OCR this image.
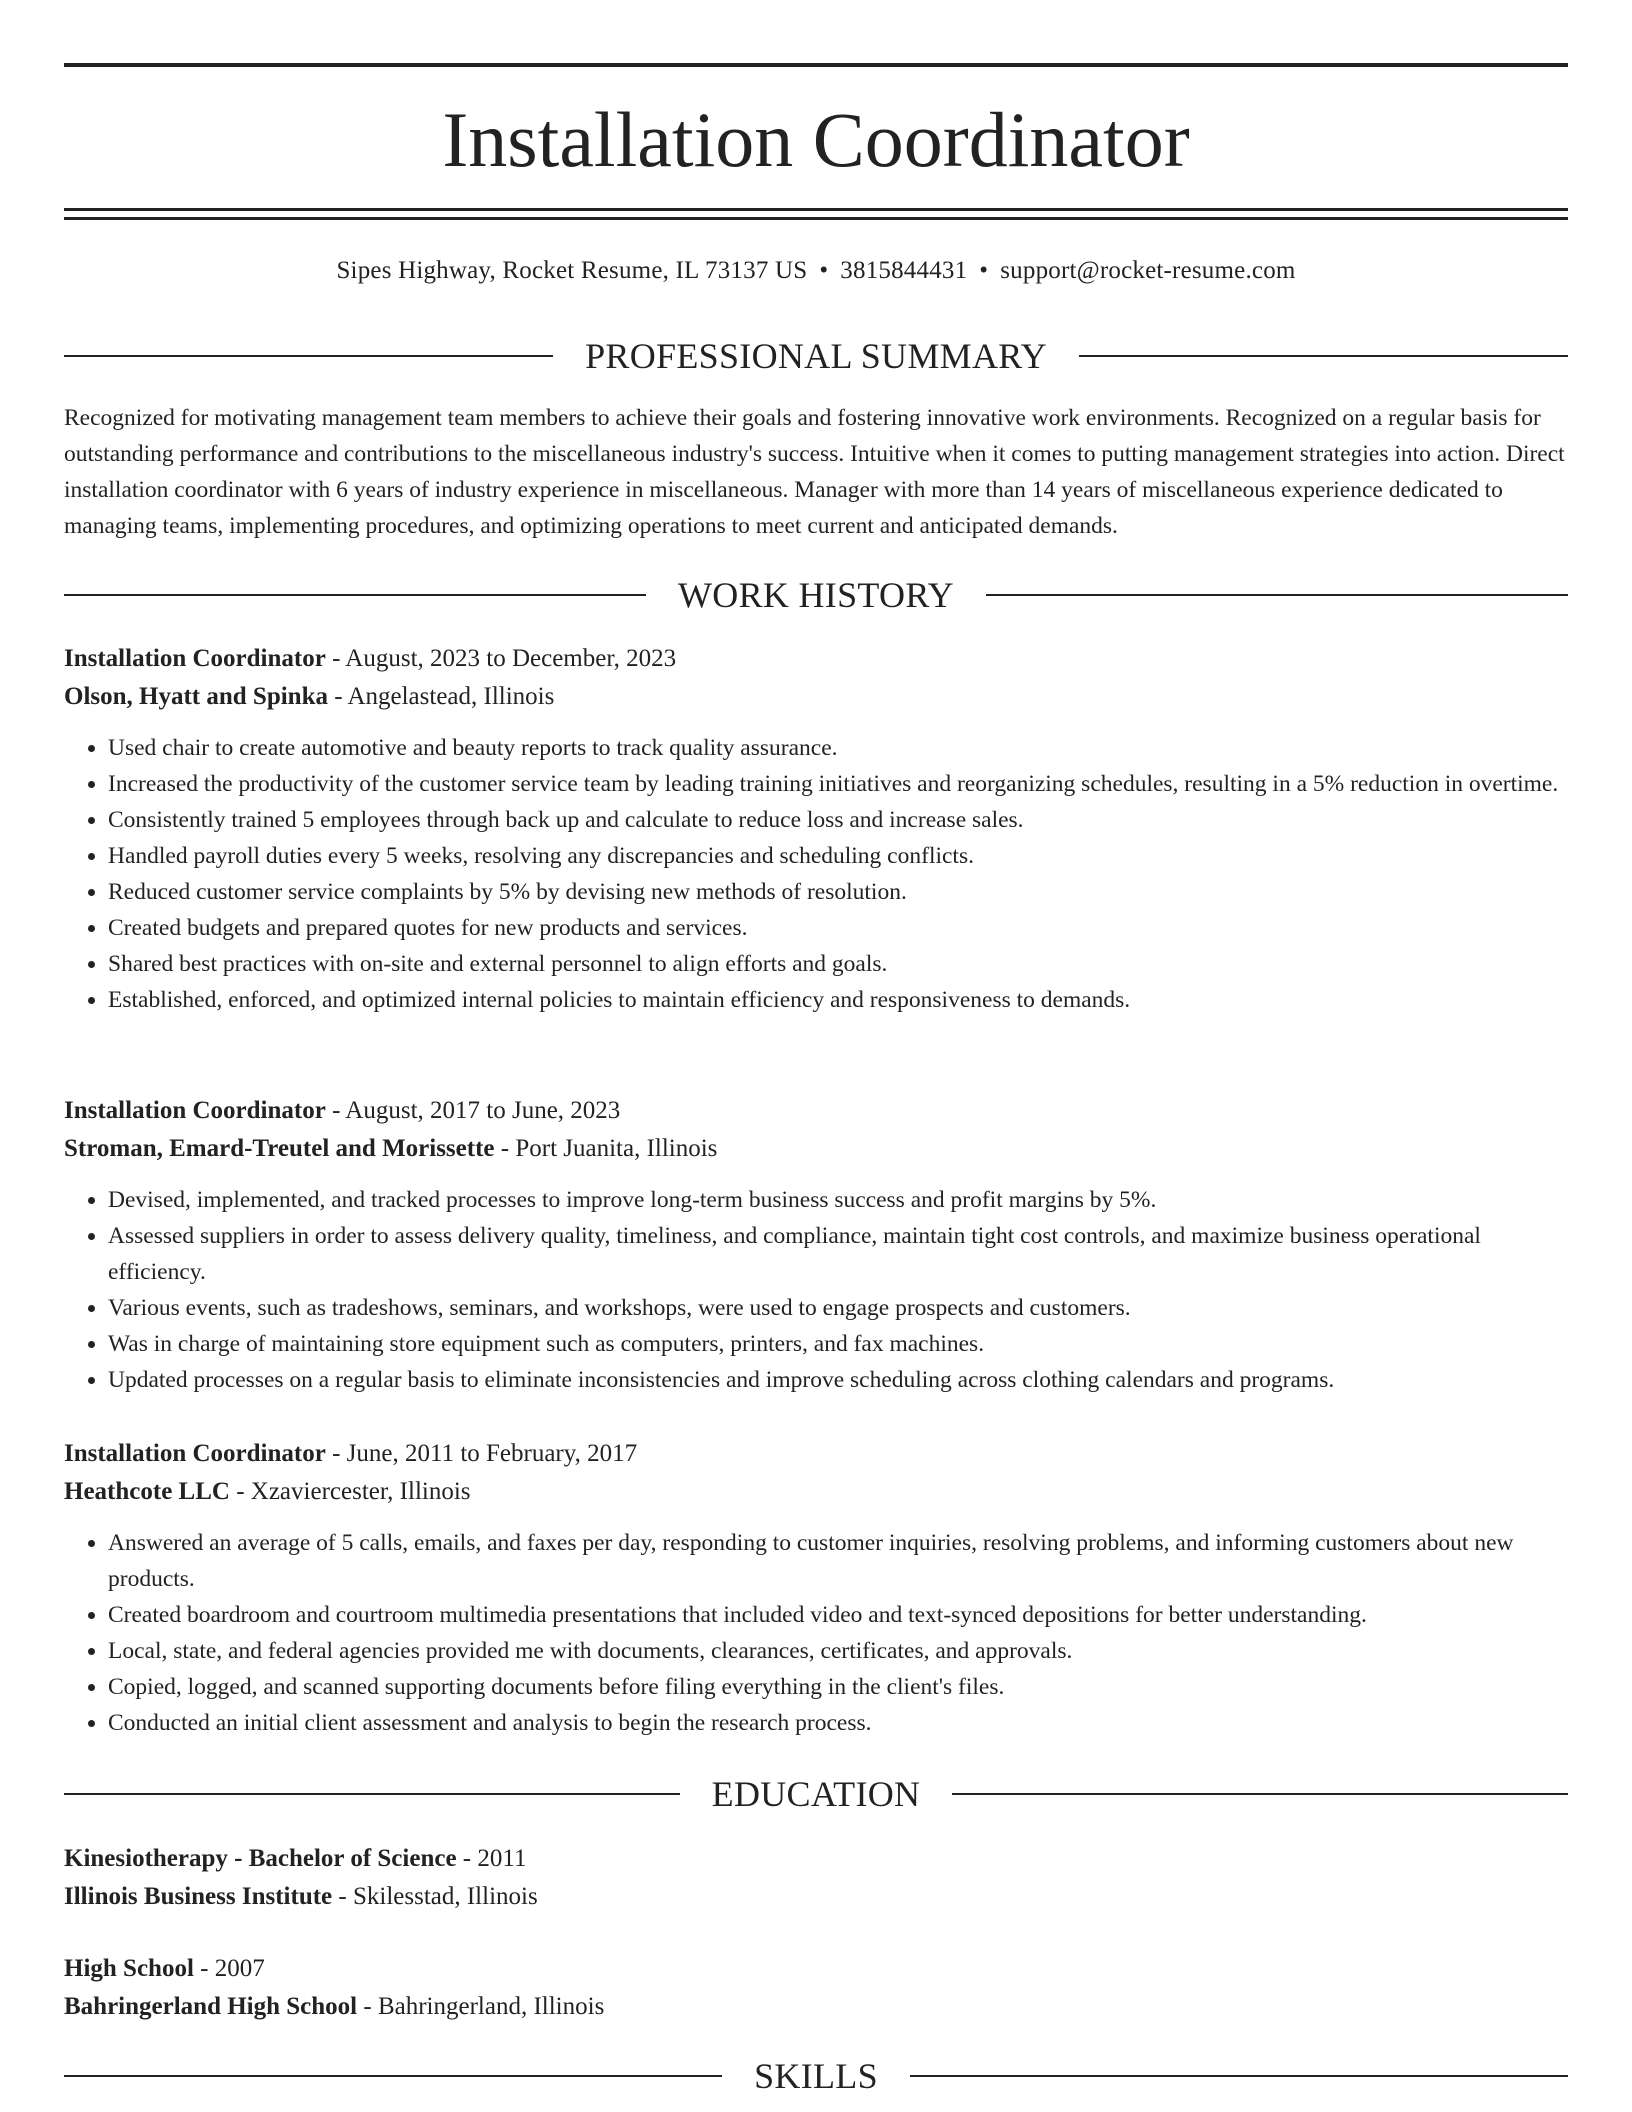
Installation Coordinator
Sipes Highway, Rocket Resume, IL 73137 US • 3815844431 • support@rocket-resume.com
PROFESSIONAL SUMMARY
Recognized for motivating management team members to achieve their goals and fostering innovative work environments. Recognized on a regular basis for outstanding performance and contributions to the miscellaneous industry's success. Intuitive when it comes to putting management strategies into action. Direct installation coordinator with 6 years of industry experience in miscellaneous. Manager with more than 14 years of miscellaneous experience dedicated to managing teams, implementing procedures, and optimizing operations to meet current and anticipated demands.
WORK HISTORY
Installation Coordinator - August, 2023 to December, 2023
Olson, Hyatt and Spinka - Angelastead, Illinois
• Used chair to create automotive and beauty reports to track quality assurance.
• Increased the productivity of the customer service team by leading training initiatives and reorganizing schedules, resulting in a 5% reduction in overtime.
• Consistently trained 5 employees through back up and calculate to reduce loss and increase sales.
• Handled payroll duties every 5 weeks, resolving any discrepancies and scheduling conflicts.
• Reduced customer service complaints by 5% by devising new methods of resolution.
• Created budgets and prepared quotes for new products and services.
• Shared best practices with on-site and external personnel to align efforts and goals.
• Established, enforced, and optimized internal policies to maintain efficiency and responsiveness to demands.
Installation Coordinator - August, 2017 to June, 2023
Stroman, Emard-Treutel and Morissette - Port Juanita, Illinois
• Devised, implemented, and tracked processes to improve long-term business success and profit margins by 5%.
• Assessed suppliers in order to assess delivery quality, timeliness, and compliance, maintain tight cost controls, and maximize business operational efficiency.
• Various events, such as tradeshows, seminars, and workshops, were used to engage prospects and customers.
• Was in charge of maintaining store equipment such as computers, printers, and fax machines.
• Updated processes on a regular basis to eliminate inconsistencies and improve scheduling across clothing calendars and programs.
Installation Coordinator - June, 2011 to February, 2017
Heathcote LLC - Xzaviercester, Illinois
• Answered an average of 5 calls, emails, and faxes per day, responding to customer inquiries, resolving problems, and informing customers about new products.
• Created boardroom and courtroom multimedia presentations that included video and text-synced depositions for better understanding.
• Local, state, and federal agencies provided me with documents, clearances, certificates, and approvals.
• Copied, logged, and scanned supporting documents before filing everything in the client's files.
• Conducted an initial client assessment and analysis to begin the research process.
EDUCATION
Kinesiotherapy - Bachelor of Science - 2011
Illinois Business Institute - Skilesstad, Illinois
High School - 2007
Bahringerland High School - Bahringerland, Illinois
SKILLS
